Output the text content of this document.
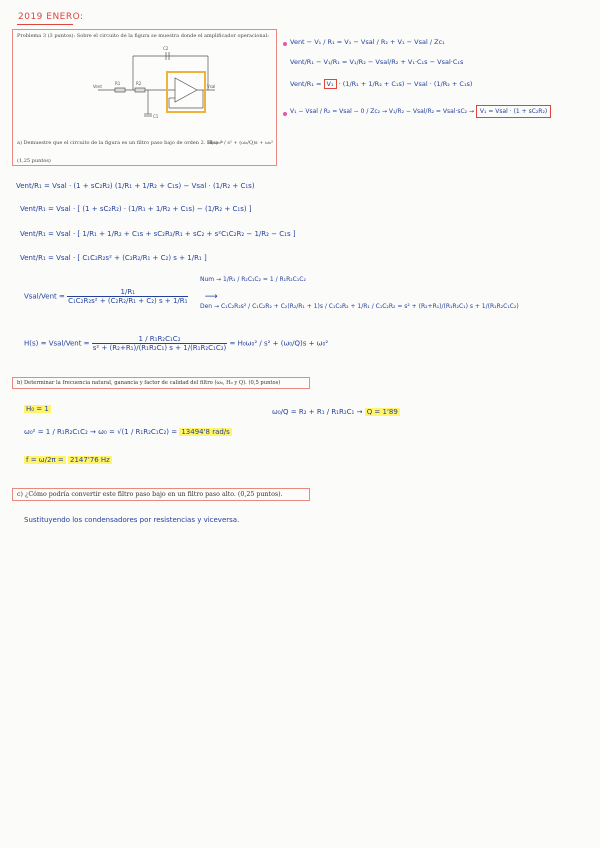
2019 ENERO:
Problema 3 (3 puntos): Sobre el circuito de la figura se muestra donde el amplificador operacional:
C2
R1	R2
C1
Vent	Vsal
a) Demuestre que el circuito de la figura es un filtro paso bajo de orden 2. H(s) =
H₀ω₀² / s² + (ω₀/Q)s + ω₀²
(1,25 puntos)
Vent − V₁ / R₁ = V₁ − Vsal / R₂ + V₁ − Vsal / Zc₁
Vent/R₁ − V₁/R₁ = V₁/R₂ − Vsal/R₂ + V₁·C₁s − Vsal·C₁s
Vent/R₁ = V₁ · (1/R₁ + 1/R₂ + C₁s) − Vsal · (1/R₂ + C₁s)
V₁ − Vsal / R₂ = Vsal − 0 / Zc₂ → V₁/R₂ − Vsal/R₂ = Vsal·sC₂ → V₁ = Vsal · (1 + sC₂R₂)
Vent/R₁ = Vsal · (1 + sC₂R₂) (1/R₁ + 1/R₂ + C₁s) − Vsal · (1/R₂ + C₁s)
Vent/R₁ = Vsal · [ (1 + sC₂R₂) · (1/R₁ + 1/R₂ + C₁s) − (1/R₂ + C₁s) ]
Vent/R₁ = Vsal · [ 1/R₁ + 1/R₂ + C₁s + sC₂R₂/R₁ + sC₂ + s²C₁C₂R₂ − 1/R₂ − C₁s ]
Vent/R₁ = Vsal · [ C₁C₂R₂s² + (C₂R₂/R₁ + C₂) s + 1/R₁ ]
Vsal/Vent = $\frac{\text{1/R₁}}{\text{C₁C₂R₂s² + (C₂R₂/R₁ + C₂) s + 1/R₁}}$ ⟶
Num → 1/R₁ / R₂C₁C₂ = 1 / R₁R₂C₁C₂
Den → C₁C₂R₂s² / C₁C₂R₂ + C₂(R₂/R₁ + 1)s / C₁C₂R₂ + 1/R₁ / C₁C₂R₂ = s² + (R₂+R₁)/(R₁R₂C₁) s + 1/(R₁R₂C₁C₂)
H(s) = Vsal/Vent = $\frac{\text{1 / R₁R₂C₁C₂}}{\text{s² + (R₂+R₁)/(R₁R₂C₁) s + 1/(R₁R₂C₁C₂)}} = H_0\omega_0^2 / s^2 + (\omega_0/Q)s + \omega_0^2$
b) Determinar la frecuencia natural, ganancia y factor de calidad del filtro (ω₀, H₀ y Q). (0,5 puntos)
H₀ = 1
ω₀² = 1 / R₁R₂C₁C₂ → ω₀ = √(1 / R₁R₂C₁C₂) = 13494'8 rad/s
ω₀/Q = R₂ + R₁ / R₁R₂C₁ → Q = 1'89
f = ω/2π = 2147'76 Hz
c) ¿Cómo podría convertir este filtro paso bajo en un filtro paso alto. (0,25 puntos).
Sustituyendo los condensadores por resistencias y viceversa.
